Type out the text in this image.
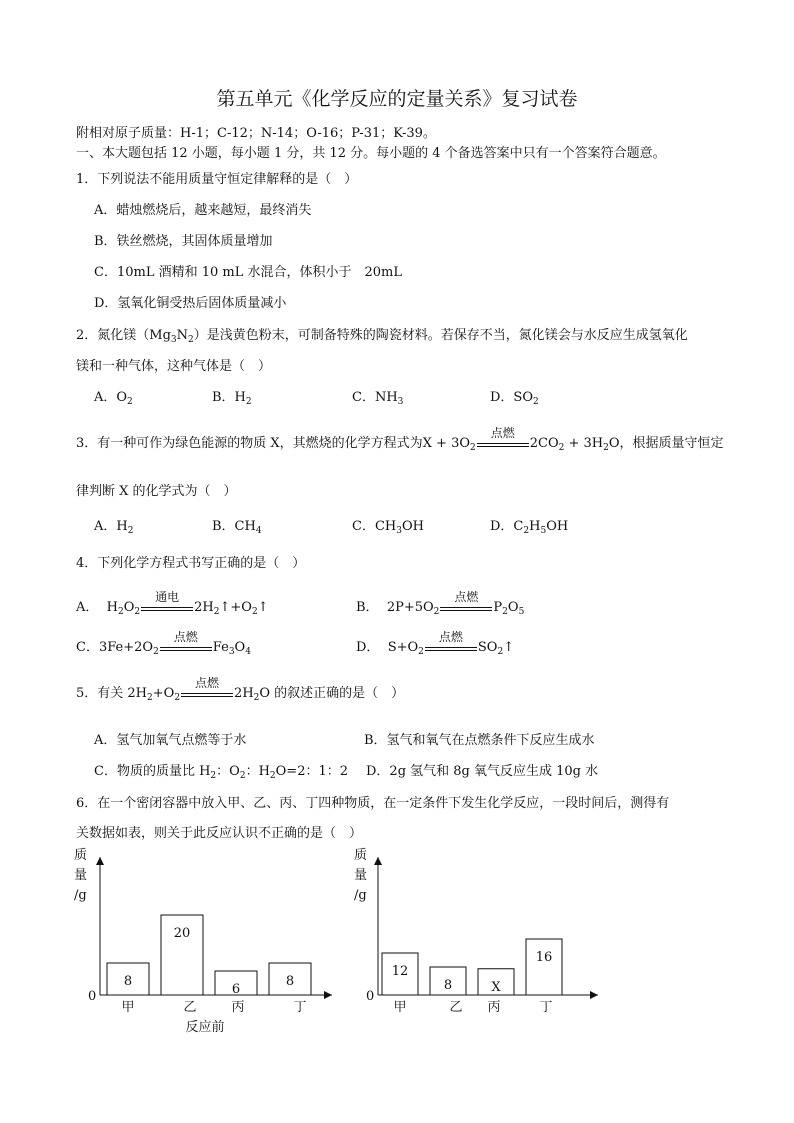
第五单元《化学反应的定量关系》复习试卷
附相对原子质量：H-1；C-12；N-14；O-16；P-31；K-39。
一、本大题包括 12 小题，每小题 1 分，共 12 分。每小题的 4 个备选答案中只有一个答案符合题意。
1．下列说法不能用质量守恒定律解释的是（　）
A．蜡烛燃烧后，越来越短，最终消失
B．铁丝燃烧，其固体质量增加
C．10mL 酒精和 10 mL 水混合，体积小于　20mL
D．氢氧化铜受热后固体质量减小
2．氮化镁$(Mg_3N_2)$是浅黄色粉末，可制备特殊的陶瓷材料。若保存不当，氮化镁会与水反应生成氢氧化
镁和一种气体，这种气体是（　）
A．$O_2$	B．$H_2$	C．$NH_3$	D．$SO_2$
3．有一种可作为绿色能源的物质 X，其燃烧的化学方程式为$X + 3O_2$
点燃
$2CO_2 + 3H_2O$，根据质量守恒定
律判断 X 的化学式为（　）
A．$H_2$	B．$CH_4$	C．$CH_3OH$	D．$C_2H_5OH$
4．下列化学方程式书写正确的是（　）
A． $H_2O_2$
通电
$2H_2↑+O_2↑$	B． $2P+5O_2$
点燃
$P_2O_5$
C．$3Fe+2O_2$
点燃
$Fe_3O_4$	D． $S+O_2$
点燃
$SO_2↑$
5．有关 $2H_2+O_2$
点燃
$2H_2O$ 的叙述正确的是（　）
A．氢气加氧气点燃等于水	B．氢气和氧气在点燃条件下反应生成水
C．物质的质量比 $H_2$：$O_2$：$H_2O=2$：1：2 D．2g 氢气和 8g 氧气反应生成 10g 水
6．在一个密闭容器中放入甲、乙、丙、丁四种物质，在一定条件下发生化学反应，一段时间后，测得有
关数据如表，则关于此反应认识不正确的是（　）
质
量
/g
0
8
甲
20
乙
6
丙
8
丁
反应前
质
量
/g
0
12
甲
8
乙
X
丙
16
丁
